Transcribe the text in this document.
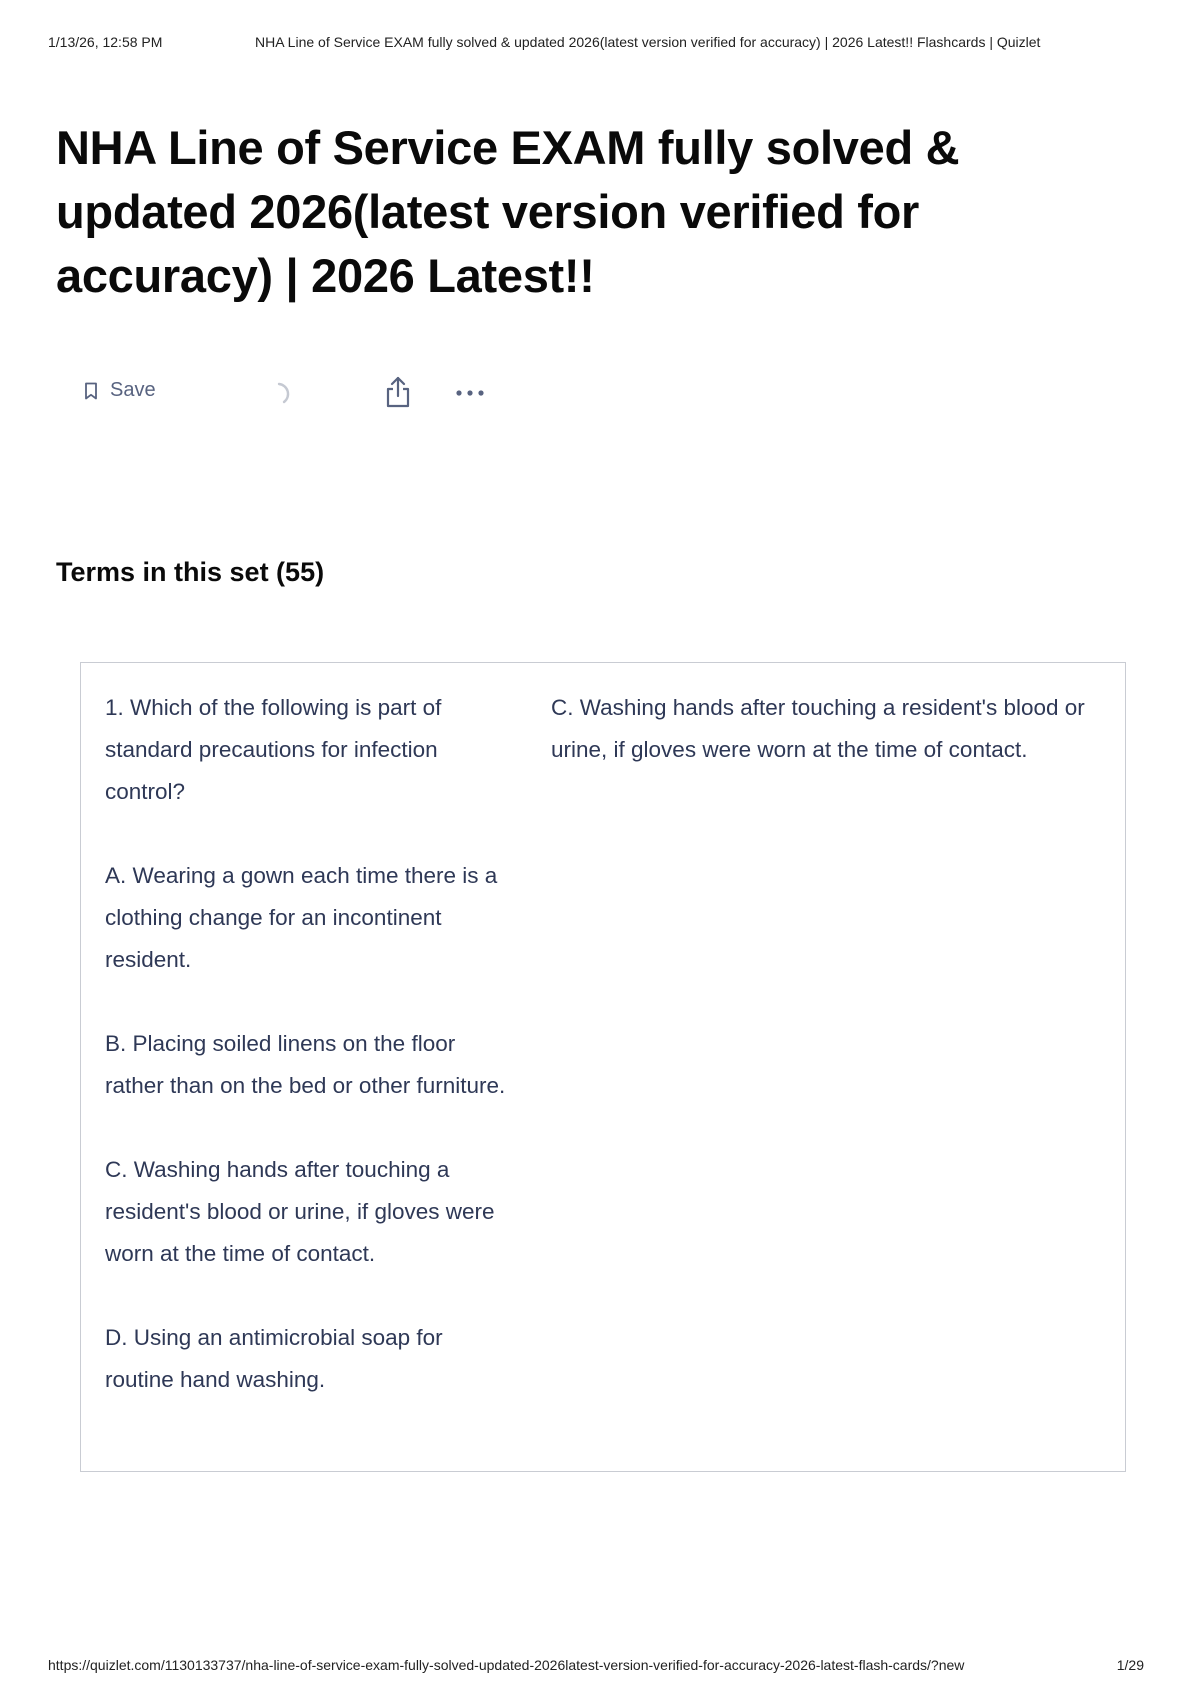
1/13/26, 12:58 PM	NHA Line of Service EXAM fully solved & updated 2026(latest version verified for accuracy) | 2026 Latest!! Flashcards | Quizlet
NHA Line of Service EXAM fully solved & updated 2026(latest version verified for accuracy) | 2026 Latest!!
Save
Terms in this set (55)

1. Which of the following is part of standard precautions for infection control?

A. Wearing a gown each time there is a clothing change for an incontinent resident.

B. Placing soiled linens on the floor rather than on the bed or other furniture.

C. Washing hands after touching a resident's blood or urine, if gloves were worn at the time of contact.

D. Using an antimicrobial soap for routine hand washing.

C. Washing hands after touching a resident's blood or urine, if gloves were worn at the time of contact.
https://quizlet.com/1130133737/nha-line-of-service-exam-fully-solved-updated-2026latest-version-verified-for-accuracy-2026-latest-flash-cards/?new	1/29
